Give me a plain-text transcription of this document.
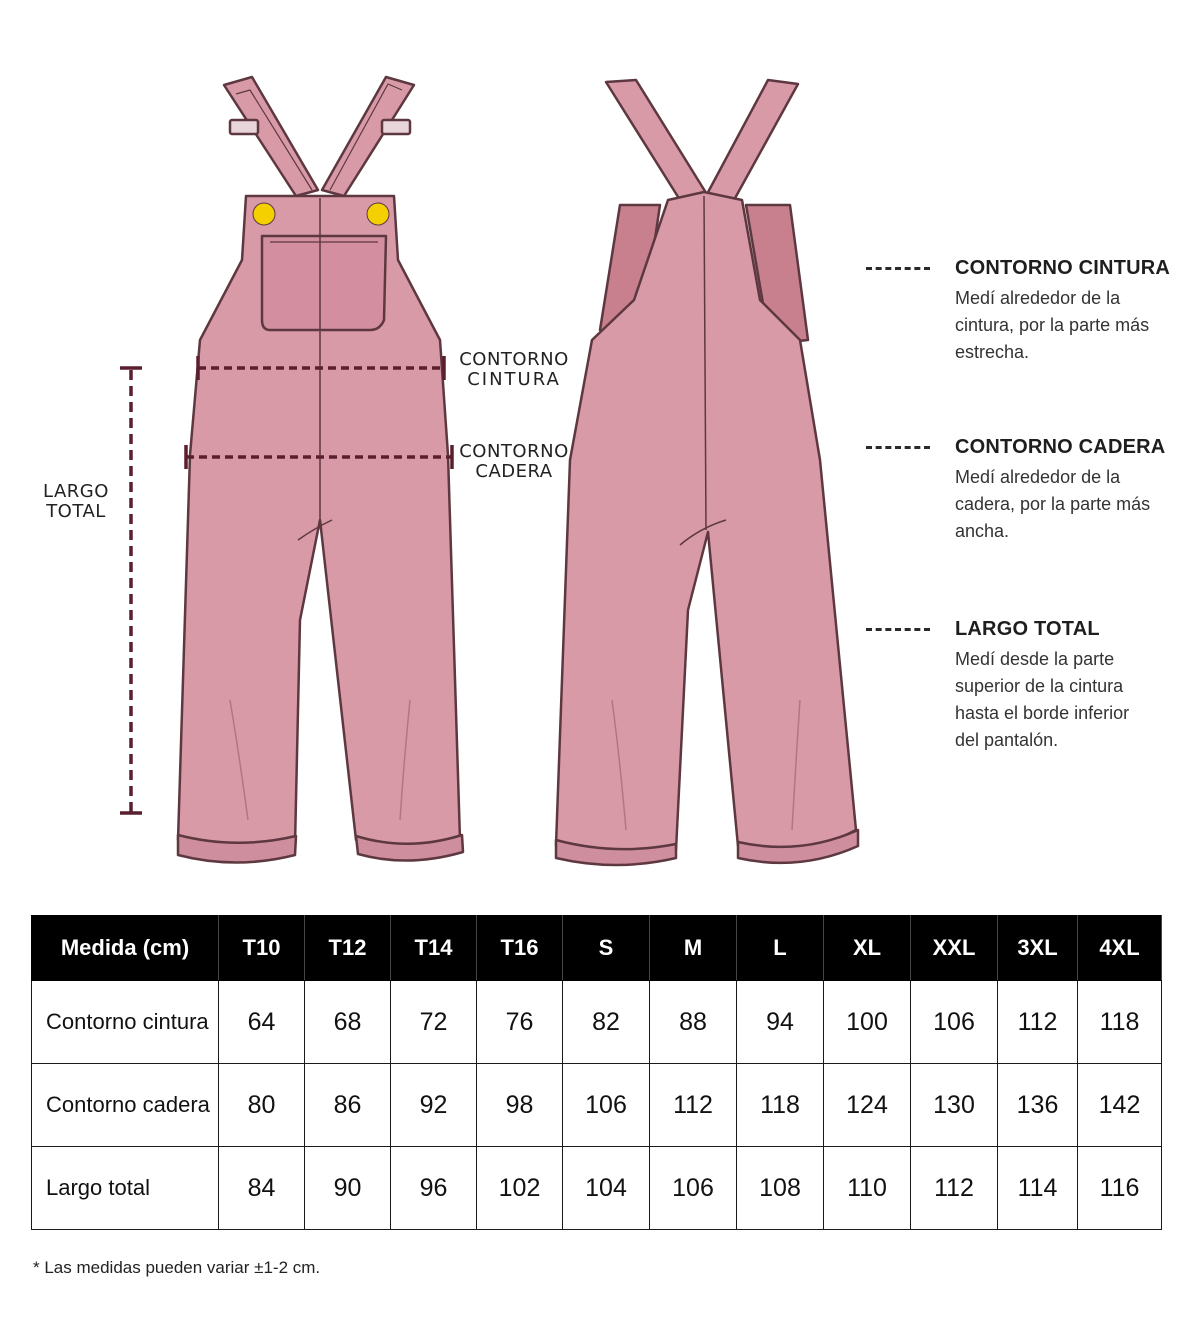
CONTORNO
CINTURA
CONTORNO
CADERA
LARGO
TOTAL
CONTORNO CINTURA
Medí alrededor de la cintura, por la parte más estrecha.
CONTORNO CADERA
Medí alrededor de la cadera, por la parte más ancha.
LARGO TOTAL
Medí desde la parte superior de la cintura hasta el borde inferior del pantalón.
Medida (cm)	T10	T12	T14	T16	S	M	L	XL	XXL	3XL	4XL
Contorno cintura	64	68	72	76	82	88	94	100	106	112	118
Contorno cadera	80	86	92	98	106	112	118	124	130	136	142
Largo total	84	90	96	102	104	106	108	110	112	114	116
* Las medidas pueden variar ±1-2 cm.
